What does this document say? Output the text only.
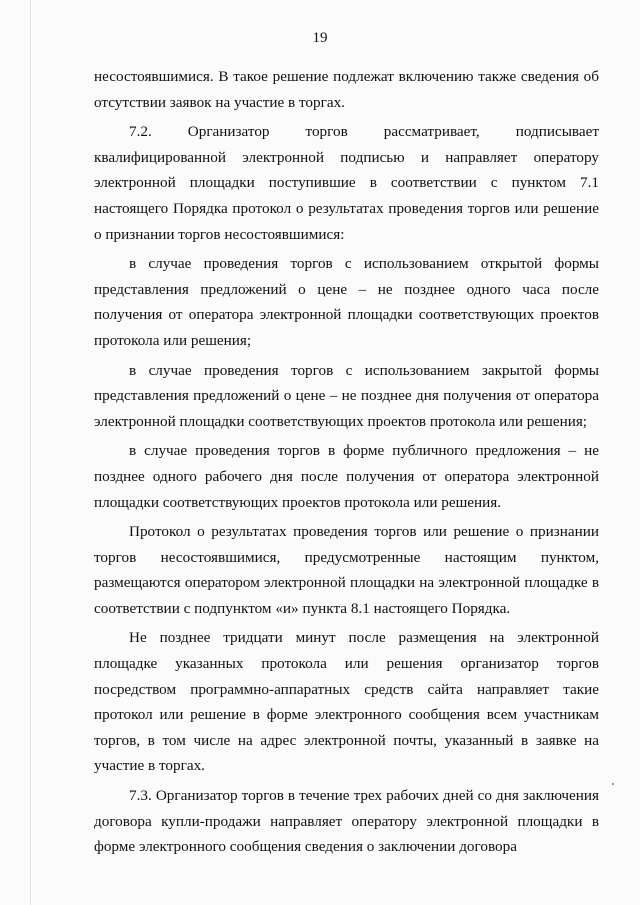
19

несостоявшимися. В такое решение подлежат включению также сведения об отсутствии заявок на участие в торгах.

7.2. Организатор торгов рассматривает, подписывает квалифицированной электронной подписью и направляет оператору электронной площадки поступившие в соответствии с пунктом 7.1 настоящего Порядка протокол о результатах проведения торгов или решение о признании торгов несостоявшимися:

в случае проведения торгов с использованием открытой формы представления предложений о цене – не позднее одного часа после получения от оператора электронной площадки соответствующих проектов протокола или решения;

в случае проведения торгов с использованием закрытой формы представления предложений о цене – не позднее дня получения от оператора электронной площадки соответствующих проектов протокола или решения;

в случае проведения торгов в форме публичного предложения – не позднее одного рабочего дня после получения от оператора электронной площадки соответствующих проектов протокола или решения.

Протокол о результатах проведения торгов или решение о признании торгов несостоявшимися, предусмотренные настоящим пунктом, размещаются оператором электронной площадки на электронной площадке в соответствии с подпунктом «и» пункта 8.1 настоящего Порядка.

Не позднее тридцати минут после размещения на электронной площадке указанных протокола или решения организатор торгов посредством программно-аппаратных средств сайта направляет такие протокол или решение в форме электронного сообщения всем участникам торгов, в том числе на адрес электронной почты, указанный в заявке на участие в торгах.

7.3. Организатор торгов в течение трех рабочих дней со дня заключения договора купли-продажи направляет оператору электронной площадки в форме электронного сообщения сведения о заключении договора
